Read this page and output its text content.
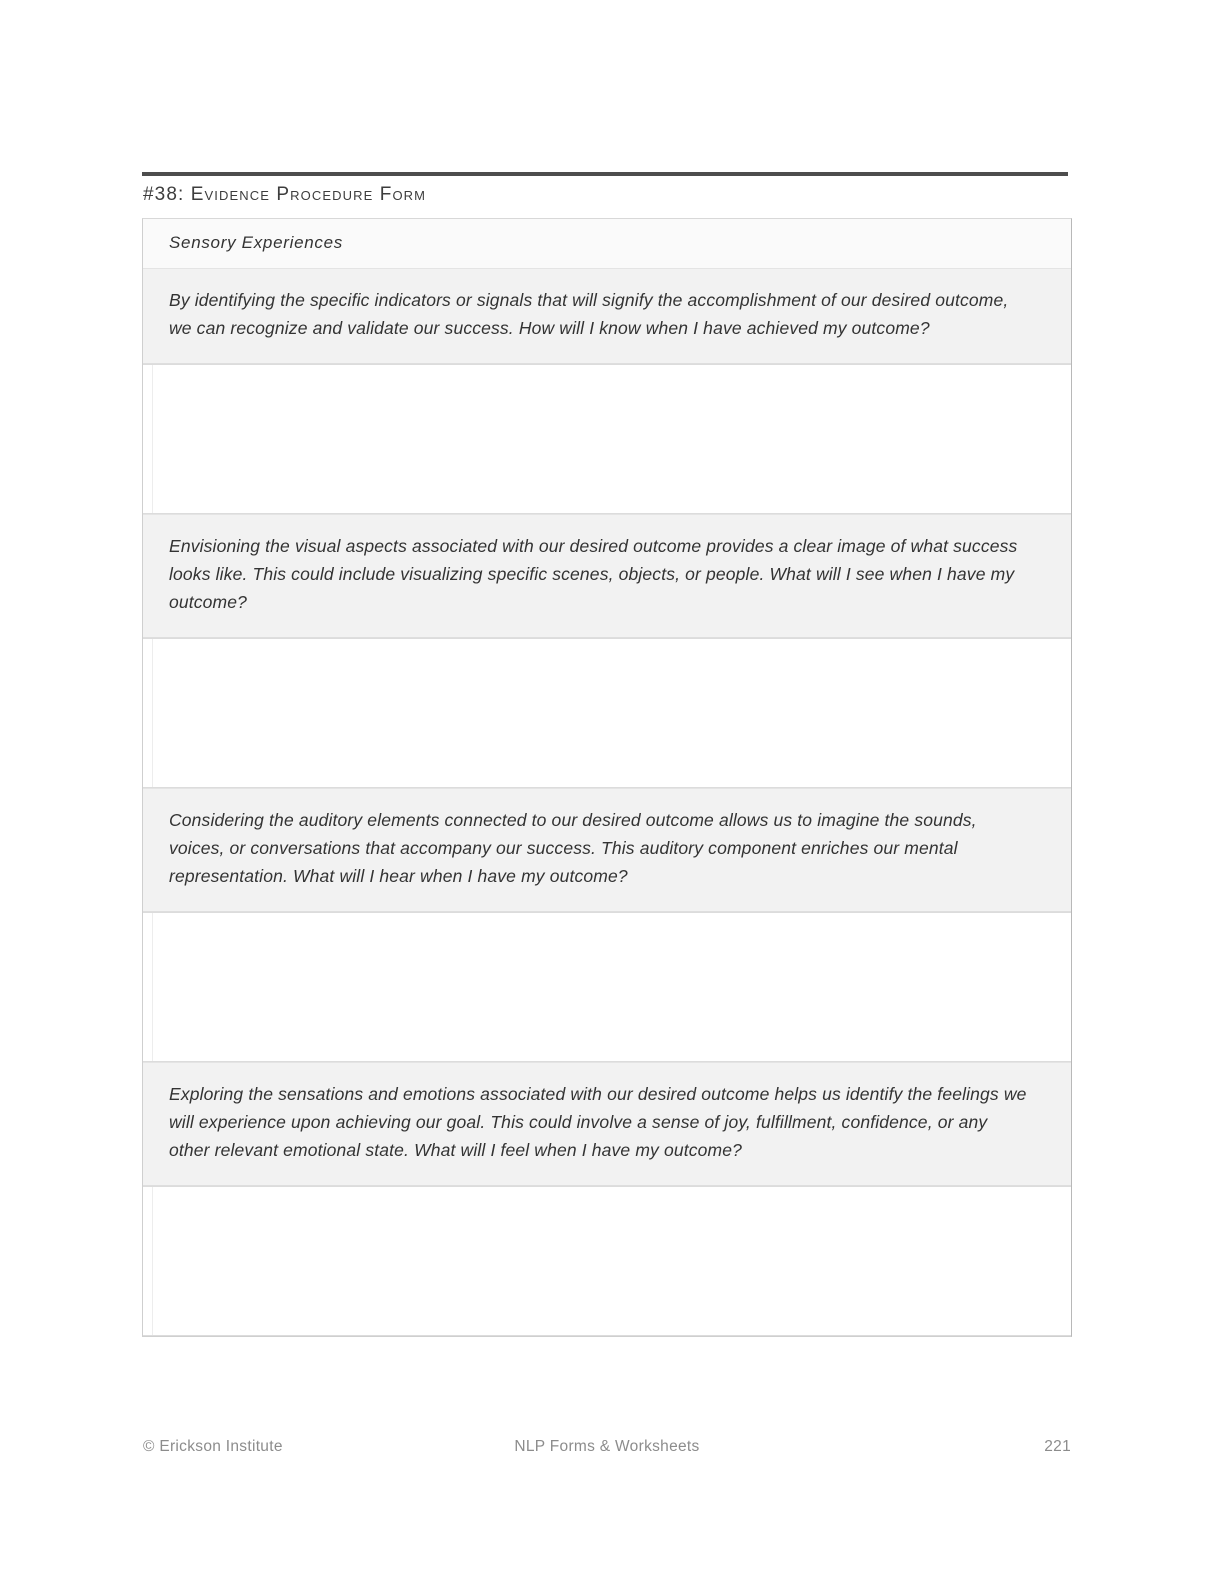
#38: Evidence Procedure Form
Sensory Experiences
By identifying the specific indicators or signals that will signify the accomplishment of our desired outcome, we can recognize and validate our success. How will I know when I have achieved my outcome?

Envisioning the visual aspects associated with our desired outcome provides a clear image of what success looks like. This could include visualizing specific scenes, objects, or people. What will I see when I have my outcome?

Considering the auditory elements connected to our desired outcome allows us to imagine the sounds, voices, or conversations that accompany our success. This auditory component enriches our mental representation. What will I hear when I have my outcome?

Exploring the sensations and emotions associated with our desired outcome helps us identify the feelings we will experience upon achieving our goal. This could involve a sense of joy, fulfillment, confidence, or any other relevant emotional state. What will I feel when I have my outcome?

© Erickson Institute	NLP Forms & Worksheets	221
